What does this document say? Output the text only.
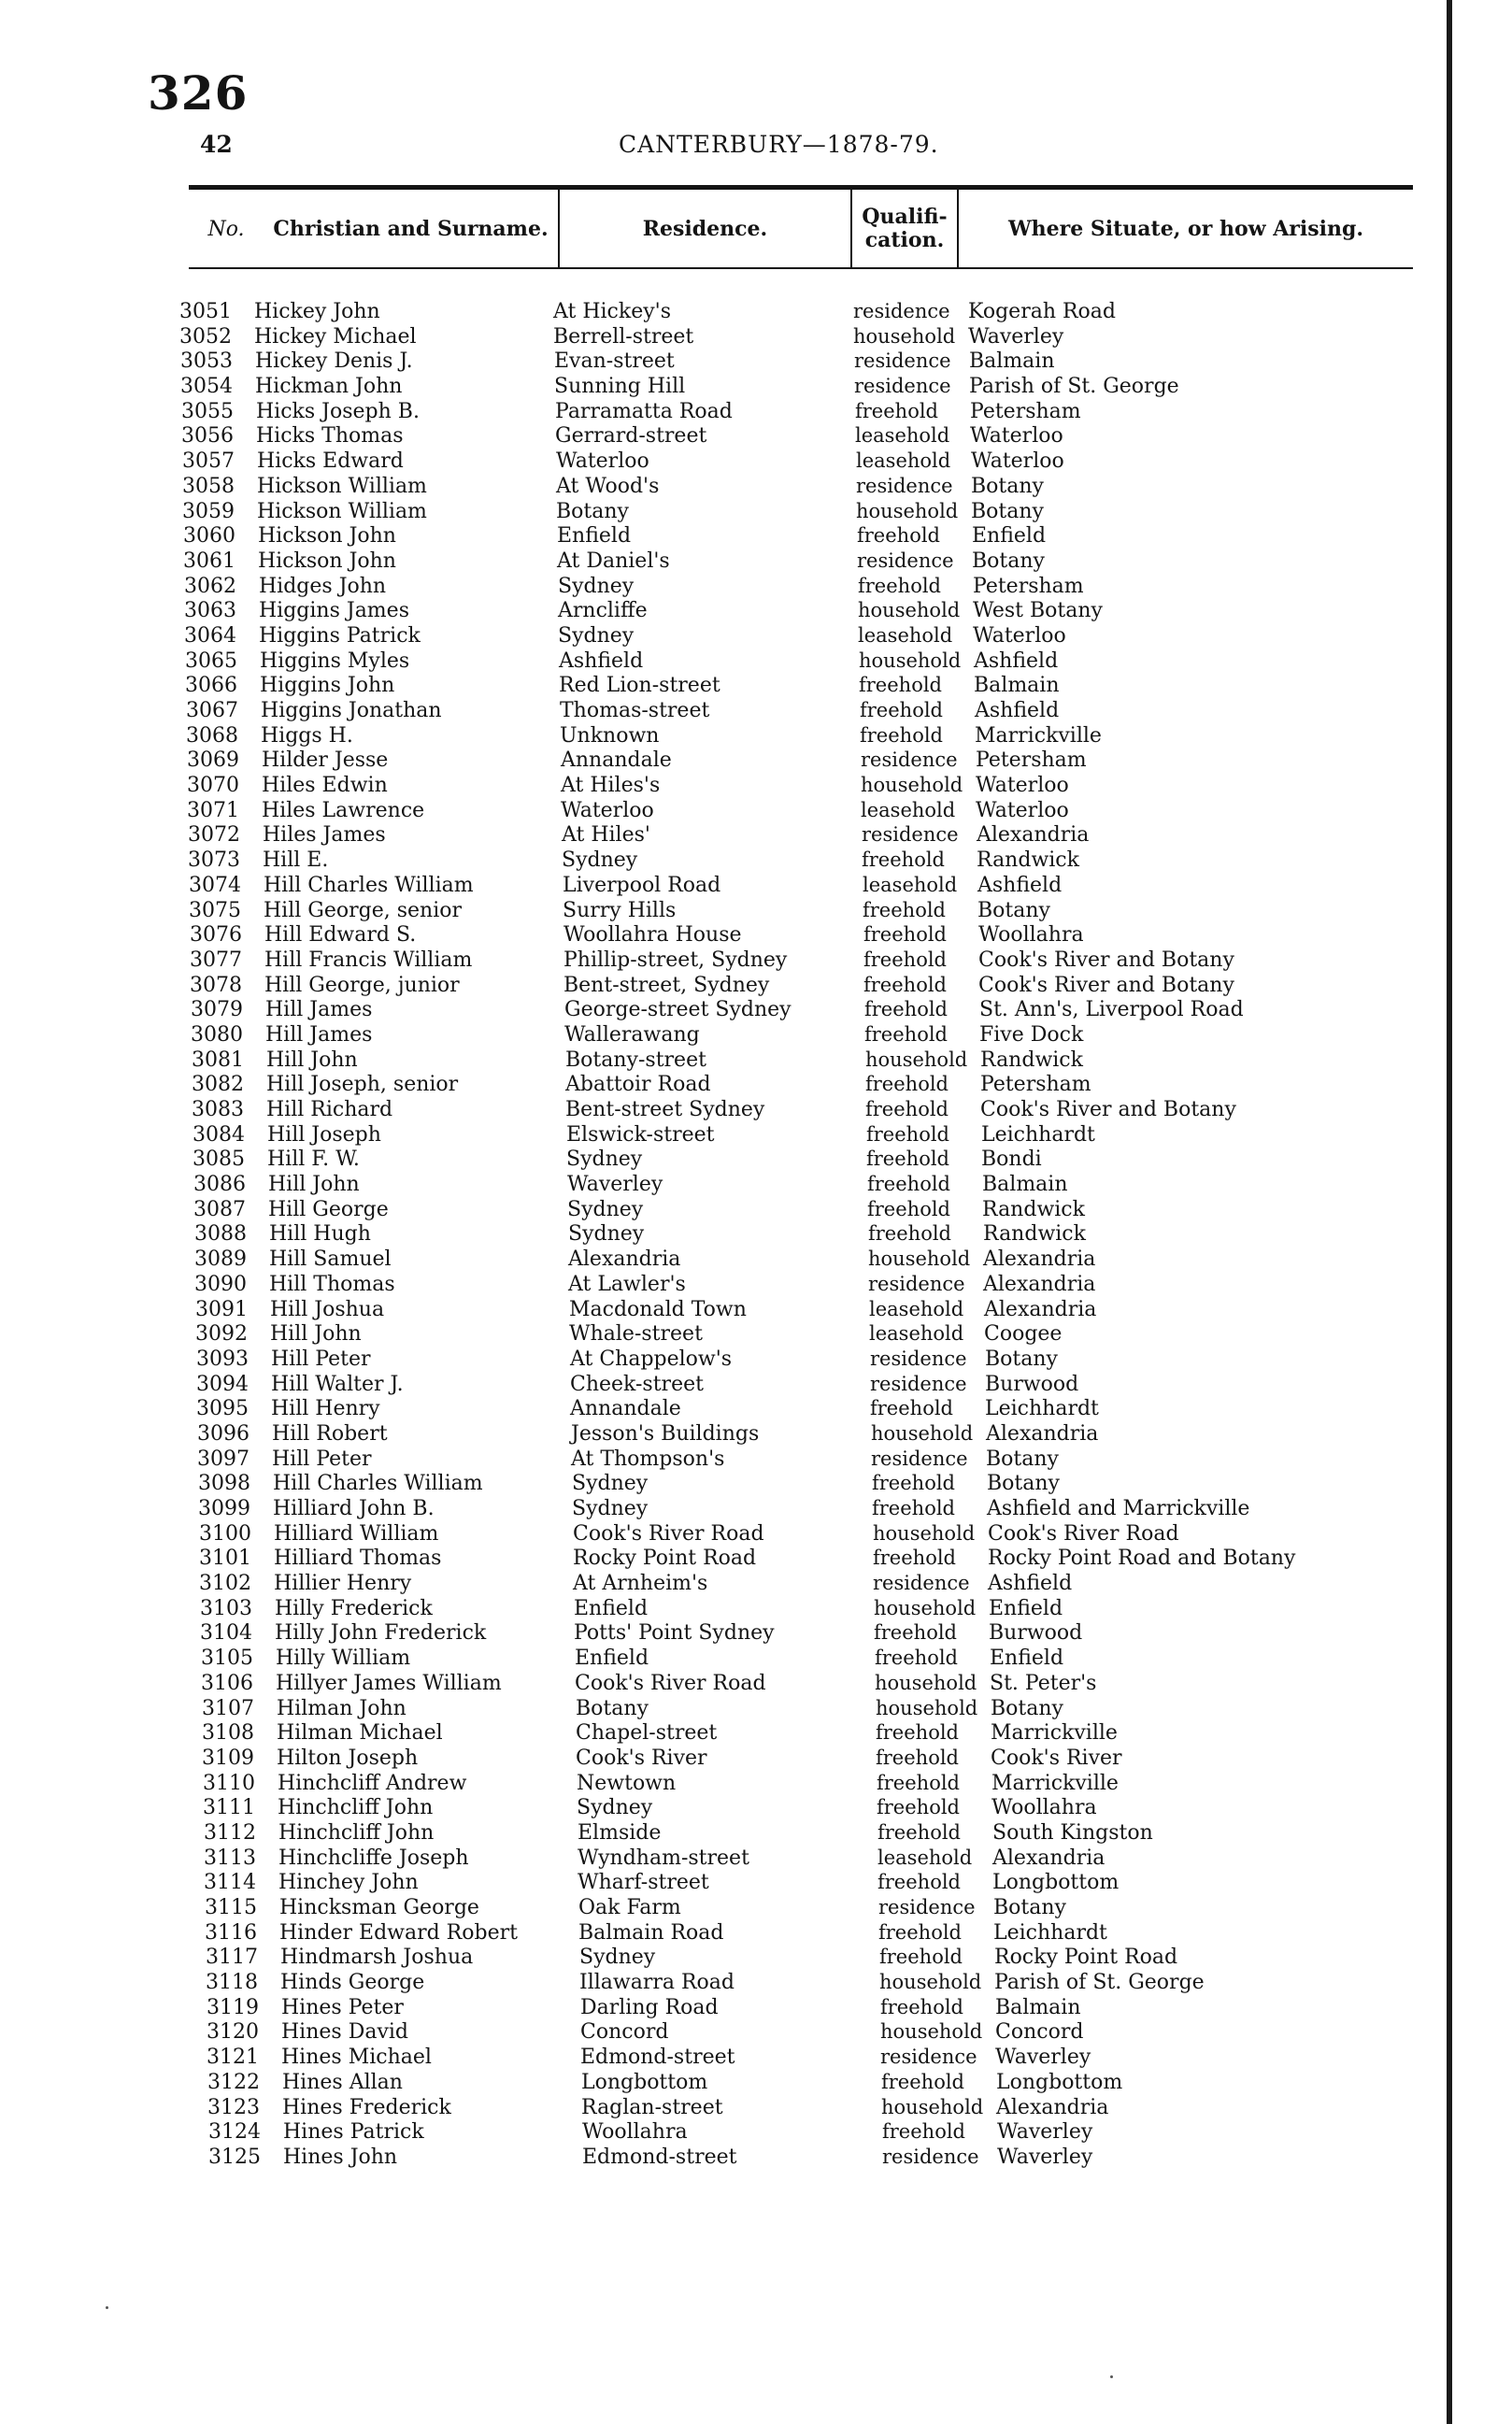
326
42	CANTERBURY—1878-79.
No.	Christian and Surname.	Residence.	Qualifi-
cation.	Where Situate, or how Arising.
3051 Hickey John	At Hickey's	residence Kogerah Road
3052 Hickey Michael	Berrell-street	household Waverley
3053 Hickey Denis J.	Evan-street	residence Balmain
3054 Hickman John	Sunning Hill	residence Parish of St. George
3055 Hicks Joseph B.	Parramatta Road	freehold Petersham
3056 Hicks Thomas	Gerrard-street	leasehold Waterloo
3057 Hicks Edward	Waterloo	leasehold Waterloo
3058 Hickson William	At Wood's	residence Botany
3059 Hickson William	Botany	household Botany
3060 Hickson John	Enfield	freehold Enfield
3061 Hickson John	At Daniel's	residence Botany
3062 Hidges John	Sydney	freehold Petersham
3063 Higgins James	Arncliffe	household West Botany
3064 Higgins Patrick	Sydney	leasehold Waterloo
3065 Higgins Myles	Ashfield	household Ashfield
3066 Higgins John	Red Lion-street	freehold Balmain
3067 Higgins Jonathan	Thomas-street	freehold Ashfield
3068 Higgs H.	Unknown	freehold Marrickville
3069 Hilder Jesse	Annandale	residence Petersham
3070 Hiles Edwin	At Hiles's	household Waterloo
3071 Hiles Lawrence	Waterloo	leasehold Waterloo
3072 Hiles James	At Hiles'	residence Alexandria
3073 Hill E.	Sydney	freehold Randwick
3074 Hill Charles William	Liverpool Road	leasehold Ashfield
3075 Hill George, senior	Surry Hills	freehold Botany
3076 Hill Edward S.	Woollahra House	freehold Woollahra
3077 Hill Francis William	Phillip-street, Sydney	freehold Cook's River and Botany
3078 Hill George, junior	Bent-street, Sydney	freehold Cook's River and Botany
3079 Hill James	George-street Sydney	freehold St. Ann's, Liverpool Road
3080 Hill James	Wallerawang	freehold Five Dock
3081 Hill John	Botany-street	household Randwick
3082 Hill Joseph, senior	Abattoir Road	freehold Petersham
3083 Hill Richard	Bent-street Sydney	freehold Cook's River and Botany
3084 Hill Joseph	Elswick-street	freehold Leichhardt
3085 Hill F. W.	Sydney	freehold Bondi
3086 Hill John	Waverley	freehold Balmain
3087 Hill George	Sydney	freehold Randwick
3088 Hill Hugh	Sydney	freehold Randwick
3089 Hill Samuel	Alexandria	household Alexandria
3090 Hill Thomas	At Lawler's	residence Alexandria
3091 Hill Joshua	Macdonald Town	leasehold Alexandria
3092 Hill John	Whale-street	leasehold Coogee
3093 Hill Peter	At Chappelow's	residence Botany
3094 Hill Walter J.	Cheek-street	residence Burwood
3095 Hill Henry	Annandale	freehold Leichhardt
3096 Hill Robert	Jesson's Buildings	household Alexandria
3097 Hill Peter	At Thompson's	residence Botany
3098 Hill Charles William	Sydney	freehold Botany
3099 Hilliard John B.	Sydney	freehold Ashfield and Marrickville
3100 Hilliard William	Cook's River Road	household Cook's River Road
3101 Hilliard Thomas	Rocky Point Road	freehold Rocky Point Road and Botany
3102 Hillier Henry	At Arnheim's	residence Ashfield
3103 Hilly Frederick	Enfield	household Enfield
3104 Hilly John Frederick	Potts' Point Sydney	freehold Burwood
3105 Hilly William	Enfield	freehold Enfield
3106 Hillyer James William	Cook's River Road	household St. Peter's
3107 Hilman John	Botany	household Botany
3108 Hilman Michael	Chapel-street	freehold Marrickville
3109 Hilton Joseph	Cook's River	freehold Cook's River
3110 Hinchcliff Andrew	Newtown	freehold Marrickville
3111 Hinchcliff John	Sydney	freehold Woollahra
3112 Hinchcliff John	Elmside	freehold South Kingston
3113 Hinchcliffe Joseph	Wyndham-street	leasehold Alexandria
3114 Hinchey John	Wharf-street	freehold Longbottom
3115 Hincksman George	Oak Farm	residence Botany
3116 Hinder Edward Robert	Balmain Road	freehold Leichhardt
3117 Hindmarsh Joshua	Sydney	freehold Rocky Point Road
3118 Hinds George	Illawarra Road	household Parish of St. George
3119 Hines Peter	Darling Road	freehold Balmain
3120 Hines David	Concord	household Concord
3121 Hines Michael	Edmond-street	residence Waverley
3122 Hines Allan	Longbottom	freehold Longbottom
3123 Hines Frederick	Raglan-street	household Alexandria
3124 Hines Patrick	Woollahra	freehold Waverley
3125 Hines John	Edmond-street	residence Waverley
